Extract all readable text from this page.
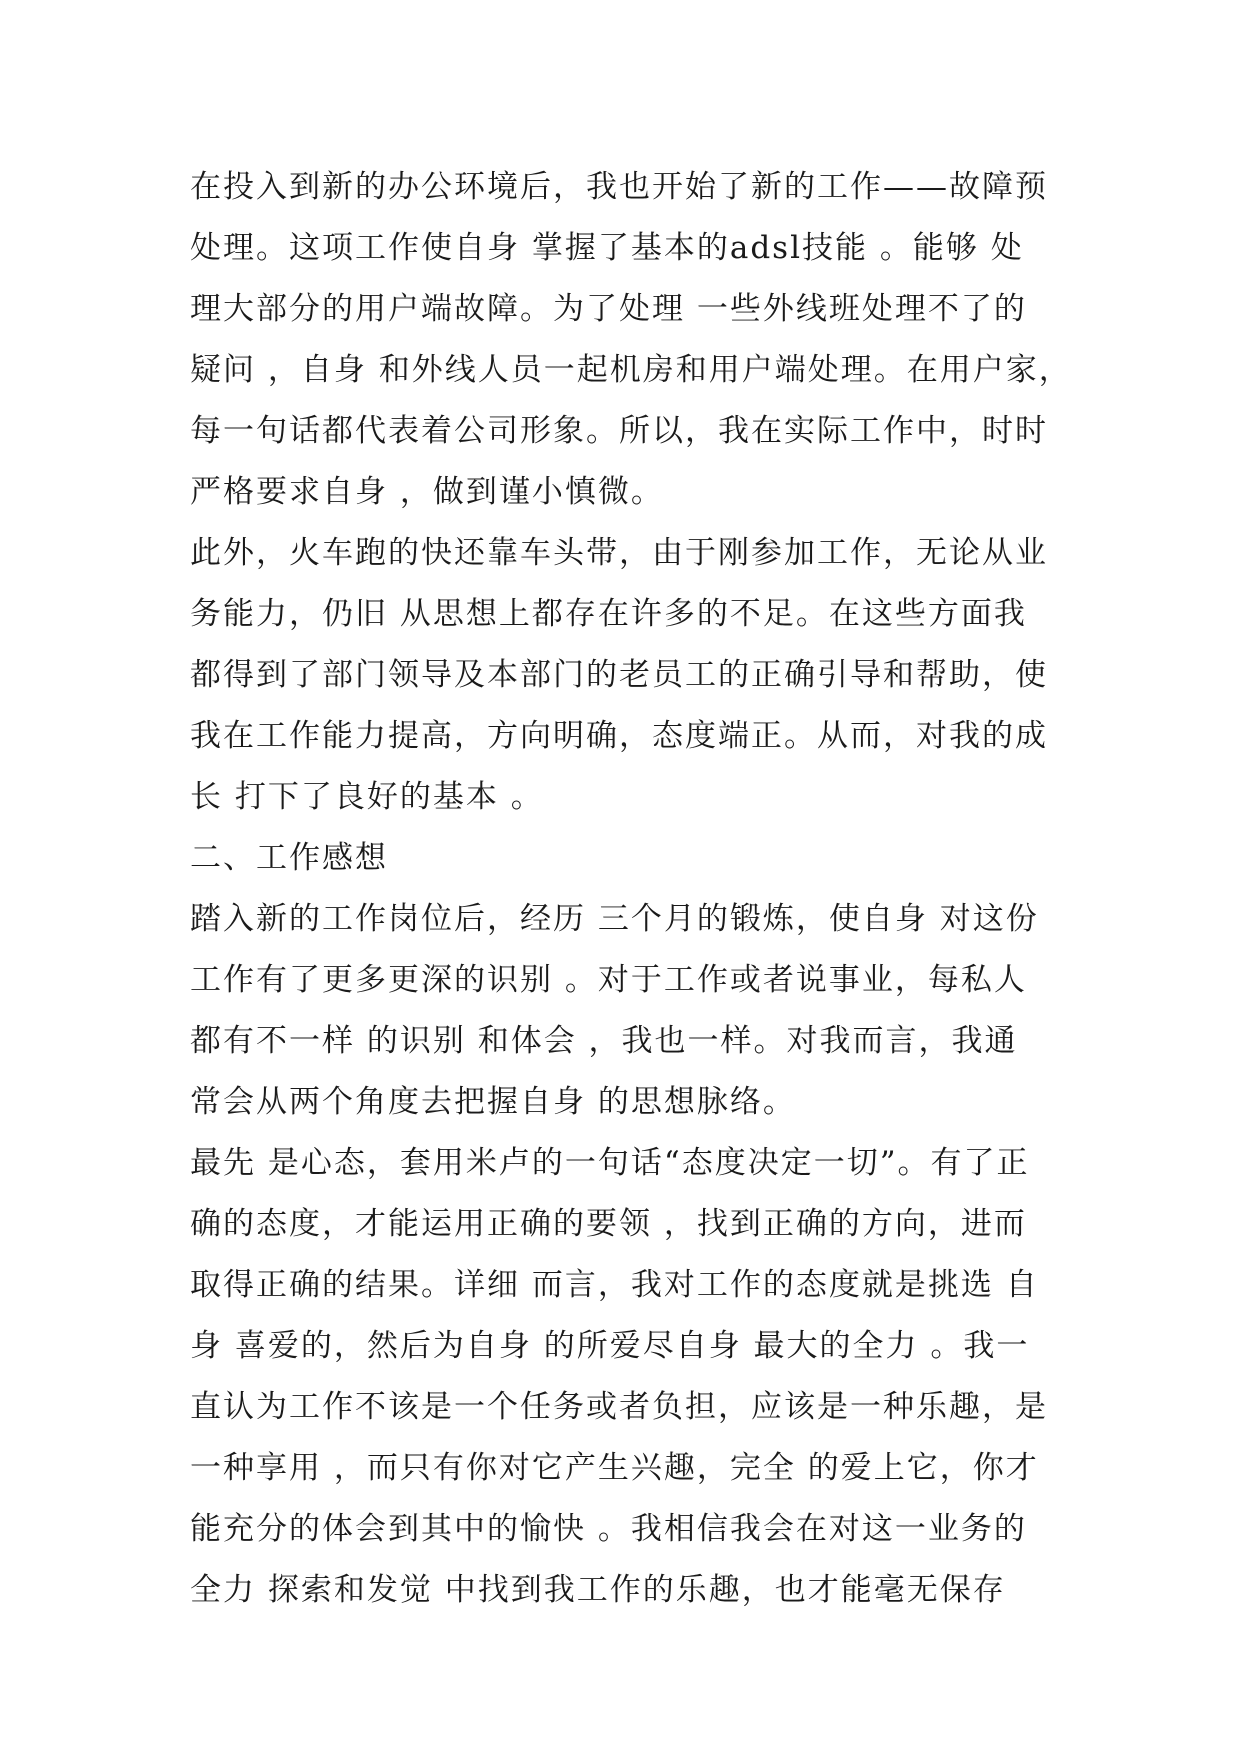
在投入到新的办公环境后，我也开始了新的工作——故障预
处理。这项工作使自身 掌握了基本的adsl技能 。能够 处
理大部分的用户端故障。为了处理 一些外线班处理不了的
疑问 ，自身 和外线人员一起机房和用户端处理。在用户家，
每一句话都代表着公司形象。所以，我在实际工作中，时时
严格要求自身 ，做到谨小慎微。
此外，火车跑的快还靠车头带，由于刚参加工作，无论从业
务能力，仍旧 从思想上都存在许多的不足。在这些方面我
都得到了部门领导及本部门的老员工的正确引导和帮助，使
我在工作能力提高，方向明确，态度端正。从而，对我的成
长 打下了良好的基本 。
二、工作感想
踏入新的工作岗位后，经历 三个月的锻炼，使自身 对这份
工作有了更多更深的识别 。对于工作或者说事业，每私人
都有不一样 的识别 和体会 ，我也一样。对我而言，我通
常会从两个角度去把握自身 的思想脉络。
最先 是心态，套用米卢的一句话“态度决定一切”。有了正
确的态度，才能运用正确的要领 ，找到正确的方向，进而
取得正确的结果。详细 而言，我对工作的态度就是挑选 自
身 喜爱的，然后为自身 的所爱尽自身 最大的全力 。我一
直认为工作不该是一个任务或者负担，应该是一种乐趣，是
一种享用 ，而只有你对它产生兴趣，完全 的爱上它，你才
能充分的体会到其中的愉快 。我相信我会在对这一业务的
全力 探索和发觉 中找到我工作的乐趣，也才能毫无保存
